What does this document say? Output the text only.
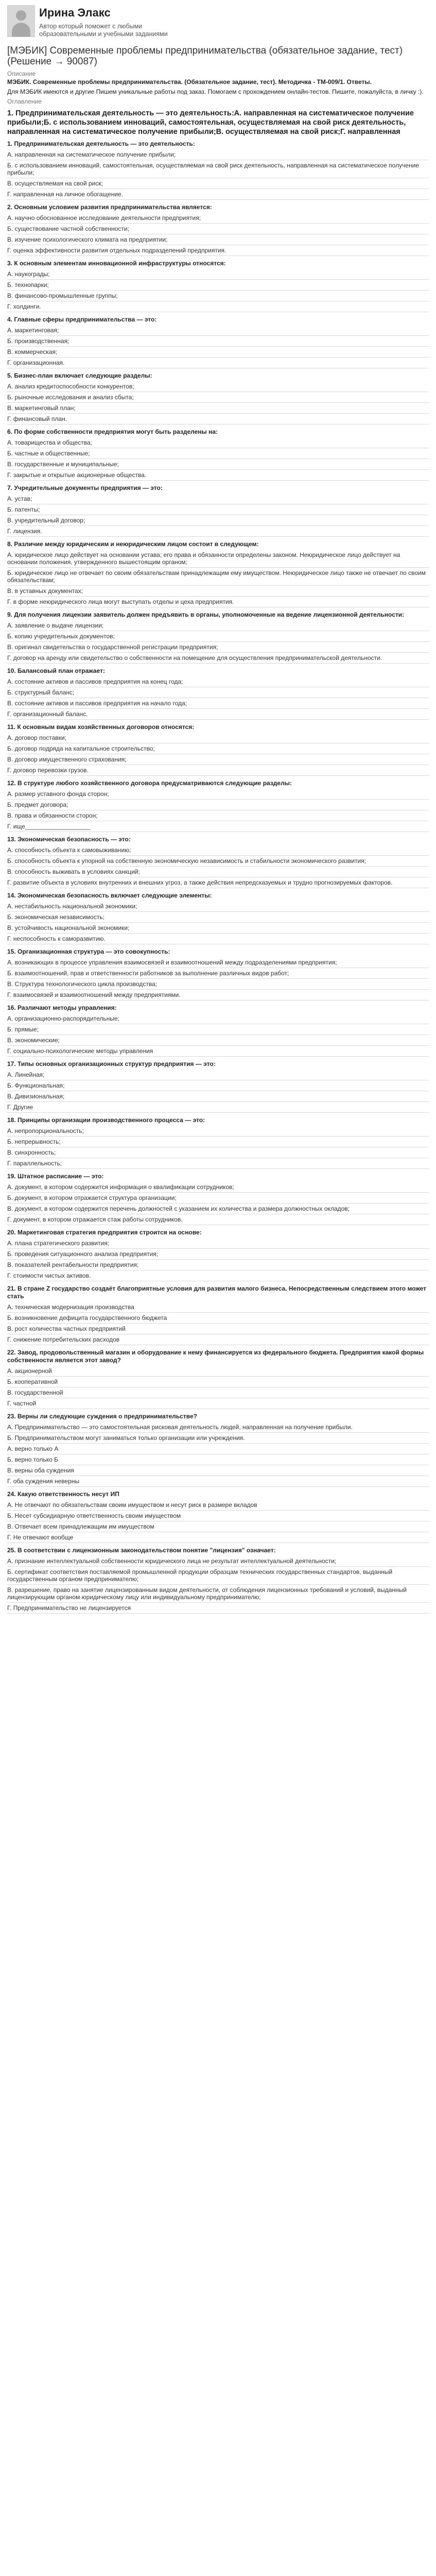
Ирина Элакс
Автор который поможет с любыми образовательными и учебными заданиями
[МЭБИК] Современные проблемы предпринимательства (обязательное задание, тест) (Решение → 90087)
Описание
МЭБИК. Современные проблемы предпринимательства. (Обязательное задание, тест). Методичка - ТМ-009/1. Ответы.
Для МЭБИК имеются и другие Пишем уникальные работы под заказ. Помогаем с прохождением онлайн-тестов. Пишите, пожалуйста, в личку :).
Оглавление
1. Предпринимательская деятельность — это деятельность:A. направленная на систематическое получение прибыли;Б. с использованием инноваций, самостоятельная, осуществляемая на свой риск деятельность, направленная на систематическое получение прибыли;В. осуществляемая на свой риск;Г. направленная
1. Предпринимательская деятельность — это деятельность:
A. направленная на систематическое получение прибыли;
Б. с использованием инноваций, самостоятельная, осуществляемая на свой риск деятельность, направленная на систематическое получение прибыли;
В. осуществляемая на свой риск;
Г. направленная на личное обогащение.
2. Основным условием развития предпринимательства является:
A. научно обоснованное исследование деятельности предприятия;
Б. существование частной собственности;
В. изучение психологического климата на предприятии;
Г. оценка эффективности развития отдельных подразделений предприятия.
3. К основным элементам инновационной инфраструктуры относятся:
A. наукограды;
Б. технопарки;
В. финансово-промышленные группы;
Г. холдинги.
4. Главные сферы предпринимательства — это:
A. маркетинговая;
Б. производственная;
В. коммерческая;
Г. организационная.
5. Бизнес-план включает следующие разделы:
A. анализ кредитоспособности конкурентов;
Б. рыночные исследования и анализ сбыта;
В. маркетинговый план;
Г. финансовый план.
6. По форме собственности предприятия могут быть разделены на:
A. товарищества и общества;
Б. частные и общественные;
В. государственные и муниципальные;
Г. закрытые и открытые акционерные общества.
7. Учредительные документы предприятия — это:
A. устав;
Б. патенты;
В. учредительный договор;
Г. лицензия.
8. Различие между юридическим и неюридическим лицом состоит в следующем:
A. юридическое лицо действует на основании устава; его права и обязанности определены законом. Неюридическое лицо действует на основании положения, утвержденного вышестоящим органом;
Б. юридическое лицо не отвечает по своим обязательствам принадлежащим ему имуществом. Неюридическое лицо также не отвечает по своим обязательствам;
В. в уставных документах;
Г. в форме неюридического лица могут выступать отделы и цеха предприятия.
9. Для получения лицензии заявитель должен предъявить в органы, уполномоченные на ведение лицензионной деятельности:
A. заявление о выдаче лицензии;
Б. копию учредительных документов;
В. оригинал свидетельства о государственной регистрации предприятия;
Г. договор на аренду или свидетельство о собственности на помещение для осуществления предпринимательской деятельности.
10. Балансовый план отражает:
A. состояние активов и пассивов предприятия на конец года;
Б. структурный баланс;
В. состояние активов и пассивов предприятия на начало года;
Г. организационный баланс.
11. К основным видам хозяйственных договоров относятся:
A. договор поставки;
Б. договор подряда на капитальное строительство;
В. договор имущественного страхования;
Г. договор перевозки грузов.
12. В структуре любого хозяйственного договора предусматриваются следующие разделы:
A. размер уставного фонда сторон;
Б. предмет договора;
В. права и обязанности сторон;
Г. ище___________________
13. Экономическая безопасность — это:
A. способность объекта к самовыживанию;
Б. способность объекта к упорной на собственную экономическую независимость и стабильности экономического развития;
В. способность выживать в условиях санкций;
Г. развитие объекта в условиях внутренних и внешних угроз, а также действия непредсказуемых и трудно прогнозируемых факторов.
14. Экономическая безопасность включает следующие элементы:
A. нестабильность национальной экономики;
Б. экономическая независимость;
В. устойчивость национальной экономики;
Г. неспособность к саморазвитию.
15. Организационная структура — это совокупность:
A. возникающих в процессе управления взаимосвязей и взаимоотношений между подразделениями предприятия;
Б. взаимоотношений, прав и ответственности работников за выполнение различных видов работ;
В. Структура технологического цикла производства;
Г. взаимосвязей и взаимоотношений между предприятиями.
16. Различают методы управления:
A. организационно-распорядительные;
Б. прямые;
В. экономические;
Г. социально-психологические методы управления
17. Типы основных организационных структур предприятия — это:
A. Линейная;
Б. Функциональная;
В. Дивизиональная;
Г. Другие
18. Принципы организации производственного процесса — это:
A. непропорциональность;
Б. непрерывность;
В. синхронность;
Г. параллельность;
19. Штатное расписание — это:
A. документ, в котором содержится информация о квалификации сотрудников;
Б. документ, в котором отражается структура организации;
В. документ, в котором содержится перечень должностей с указанием их количества и размера должностных окладов;
Г. документ, в котором отражается стаж работы сотрудников.
20. Маркетинговая стратегия предприятия строится на основе:
A. плана стратегического развития;
Б. проведения ситуационного анализа предприятия;
В. показателей рентабельности предприятия;
Г. стоимости чистых активов.
21. В стране Z государство создаёт благоприятные условия для развития малого бизнеса. Непосредственным следствием этого может стать
A. техническая модернизация производства
Б. возникновение дефицита государственного бюджета
В. рост количества частных предприятий
Г. снижение потребительских расходов
22. Завод, продовольственный магазин и оборудование к нему финансируется из федерального бюджета. Предприятия какой формы собственности является этот завод?
A. акционерной
Б. кооперативной
В. государственной
Г. частной
23. Верны ли следующие суждения о предпринимательстве?
A. Предпринимательство — это самостоятельная рисковая деятельность людей, направленная на получение прибыли.
Б. Предпринимательством могут заниматься только организации или учреждения.
A. верно только А
Б. верно только Б
В. верны оба суждения
Г. оба суждения неверны
24. Какую ответственность несут ИП
A. Не отвечают по обязательствам своим имуществом и несут риск в размере вкладов
Б. Несет субсидиарную ответственность своим имуществом
В. Отвечает всем принадлежащим им имуществом
Г. Не отвечают вообще
25. В соответствии с лицензионным законодательством понятие "лицензия" означает:
A. признание интеллектуальной собственности юридического лица не результат интеллектуальной деятельности;
Б. сертификат соответствия поставляемой промышленной продукции образцам технических государственных стандартов, выданный государственным органом предпринимателю;
В. разрешение, право на занятие лицензированным видом деятельности, от соблюдения лицензионных требований и условий, выданный лицензирующим органом юридическому лицу или индивидуальному предпринимателю;
Г. Предпринимательство не лицензируется
